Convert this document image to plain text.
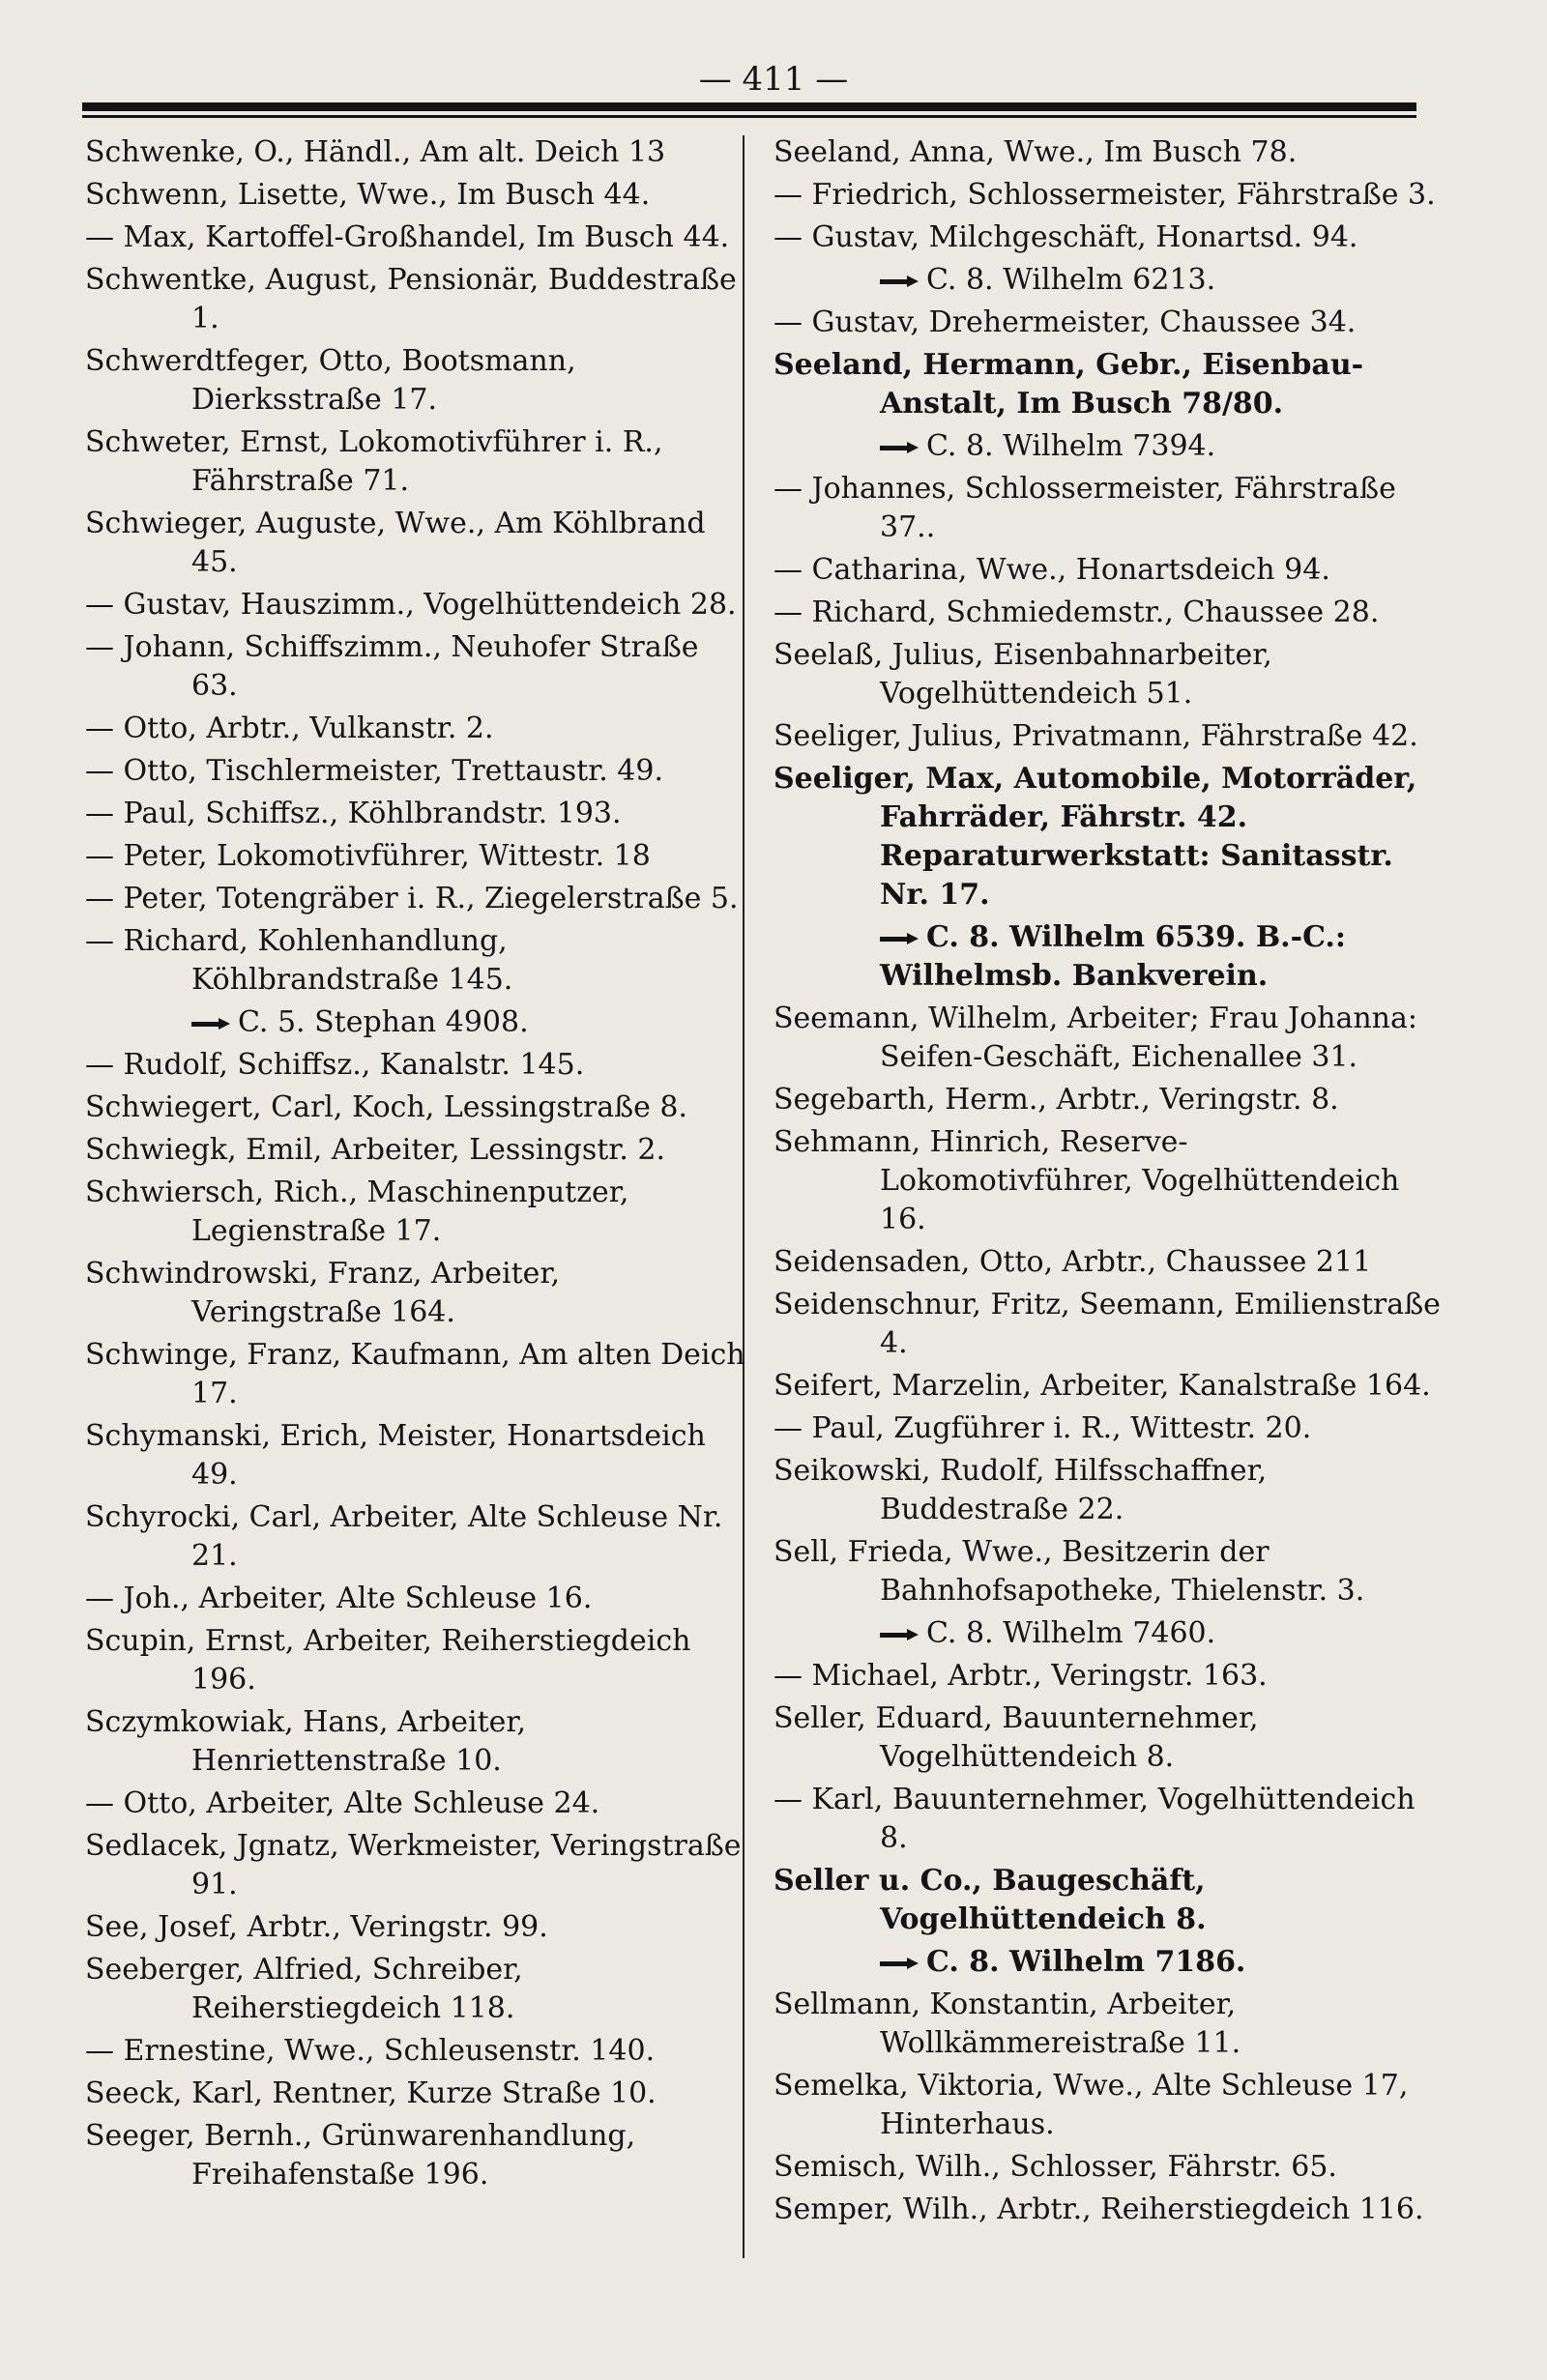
— 411 —

Schwenke, O., Händl., Am alt. Deich 13

Schwenn, Lisette, Wwe., Im Busch 44.

— Max, Kartoffel-Großhandel, Im Busch 44.

Schwentke, August, Pensionär, Buddestraße 1.

Schwerdtfeger, Otto, Bootsmann, Dierksstraße 17.

Schweter, Ernst, Lokomotivführer i. R., Fährstraße 71.

Schwieger, Auguste, Wwe., Am Köhlbrand 45.

— Gustav, Hauszimm., Vogelhüttendeich 28.

— Johann, Schiffszimm., Neuhofer Straße 63.

— Otto, Arbtr., Vulkanstr. 2.

— Otto, Tischlermeister, Trettaustr. 49.

— Paul, Schiffsz., Köhlbrandstr. 193.

— Peter, Lokomotivführer, Wittestr. 18

— Peter, Totengräber i. R., Ziegelerstraße 5.

— Richard, Kohlenhandlung, Köhlbrandstraße 145.

C. 5. Stephan 4908.

— Rudolf, Schiffsz., Kanalstr. 145.

Schwiegert, Carl, Koch, Lessingstraße 8.

Schwiegk, Emil, Arbeiter, Lessingstr. 2.

Schwiersch, Rich., Maschinenputzer, Legienstraße 17.

Schwindrowski, Franz, Arbeiter, Veringstraße 164.

Schwinge, Franz, Kaufmann, Am alten Deich 17.

Schymanski, Erich, Meister, Honartsdeich 49.

Schyrocki, Carl, Arbeiter, Alte Schleuse Nr. 21.

— Joh., Arbeiter, Alte Schleuse 16.

Scupin, Ernst, Arbeiter, Reiherstiegdeich 196.

Sczymkowiak, Hans, Arbeiter, Henriettenstraße 10.

— Otto, Arbeiter, Alte Schleuse 24.

Sedlacek, Jgnatz, Werkmeister, Veringstraße 91.

See, Josef, Arbtr., Veringstr. 99.

Seeberger, Alfried, Schreiber, Reiherstiegdeich 118.

— Ernestine, Wwe., Schleusenstr. 140.

Seeck, Karl, Rentner, Kurze Straße 10.

Seeger, Bernh., Grünwarenhandlung, Freihafenstaße 196.

Seeland, Anna, Wwe., Im Busch 78.

— Friedrich, Schlossermeister, Fährstraße 3.

— Gustav, Milchgeschäft, Honartsd. 94.

C. 8. Wilhelm 6213.

— Gustav, Drehermeister, Chaussee 34.

Seeland, Hermann, Gebr., Eisenbau-Anstalt, Im Busch 78/80.

C. 8. Wilhelm 7394.

— Johannes, Schlossermeister, Fährstraße 37..

— Catharina, Wwe., Honartsdeich 94.

— Richard, Schmiedemstr., Chaussee 28.

Seelaß, Julius, Eisenbahnarbeiter, Vogelhüttendeich 51.

Seeliger, Julius, Privatmann, Fährstraße 42.

Seeliger, Max, Automobile, Motorräder, Fahrräder, Fährstr. 42. Reparaturwerkstatt: Sanitasstr. Nr. 17.

C. 8. Wilhelm 6539. B.-C.: Wilhelmsb. Bankverein.

Seemann, Wilhelm, Arbeiter; Frau Johanna: Seifen-Geschäft, Eichenallee 31.

Segebarth, Herm., Arbtr., Veringstr. 8.

Sehmann, Hinrich, Reserve-Lokomotivführer, Vogelhüttendeich 16.

Seidensaden, Otto, Arbtr., Chaussee 211

Seidenschnur, Fritz, Seemann, Emilienstraße 4.

Seifert, Marzelin, Arbeiter, Kanalstraße 164.

— Paul, Zugführer i. R., Wittestr. 20.

Seikowski, Rudolf, Hilfsschaffner, Buddestraße 22.

Sell, Frieda, Wwe., Besitzerin der Bahnhofsapotheke, Thielenstr. 3.

C. 8. Wilhelm 7460.

— Michael, Arbtr., Veringstr. 163.

Seller, Eduard, Bauunternehmer, Vogelhüttendeich 8.

— Karl, Bauunternehmer, Vogelhüttendeich 8.

Seller u. Co., Baugeschäft, Vogelhüttendeich 8.

C. 8. Wilhelm 7186.

Sellmann, Konstantin, Arbeiter, Wollkämmereistraße 11.

Semelka, Viktoria, Wwe., Alte Schleuse 17, Hinterhaus.

Semisch, Wilh., Schlosser, Fährstr. 65.

Semper, Wilh., Arbtr., Reiherstiegdeich 116.
